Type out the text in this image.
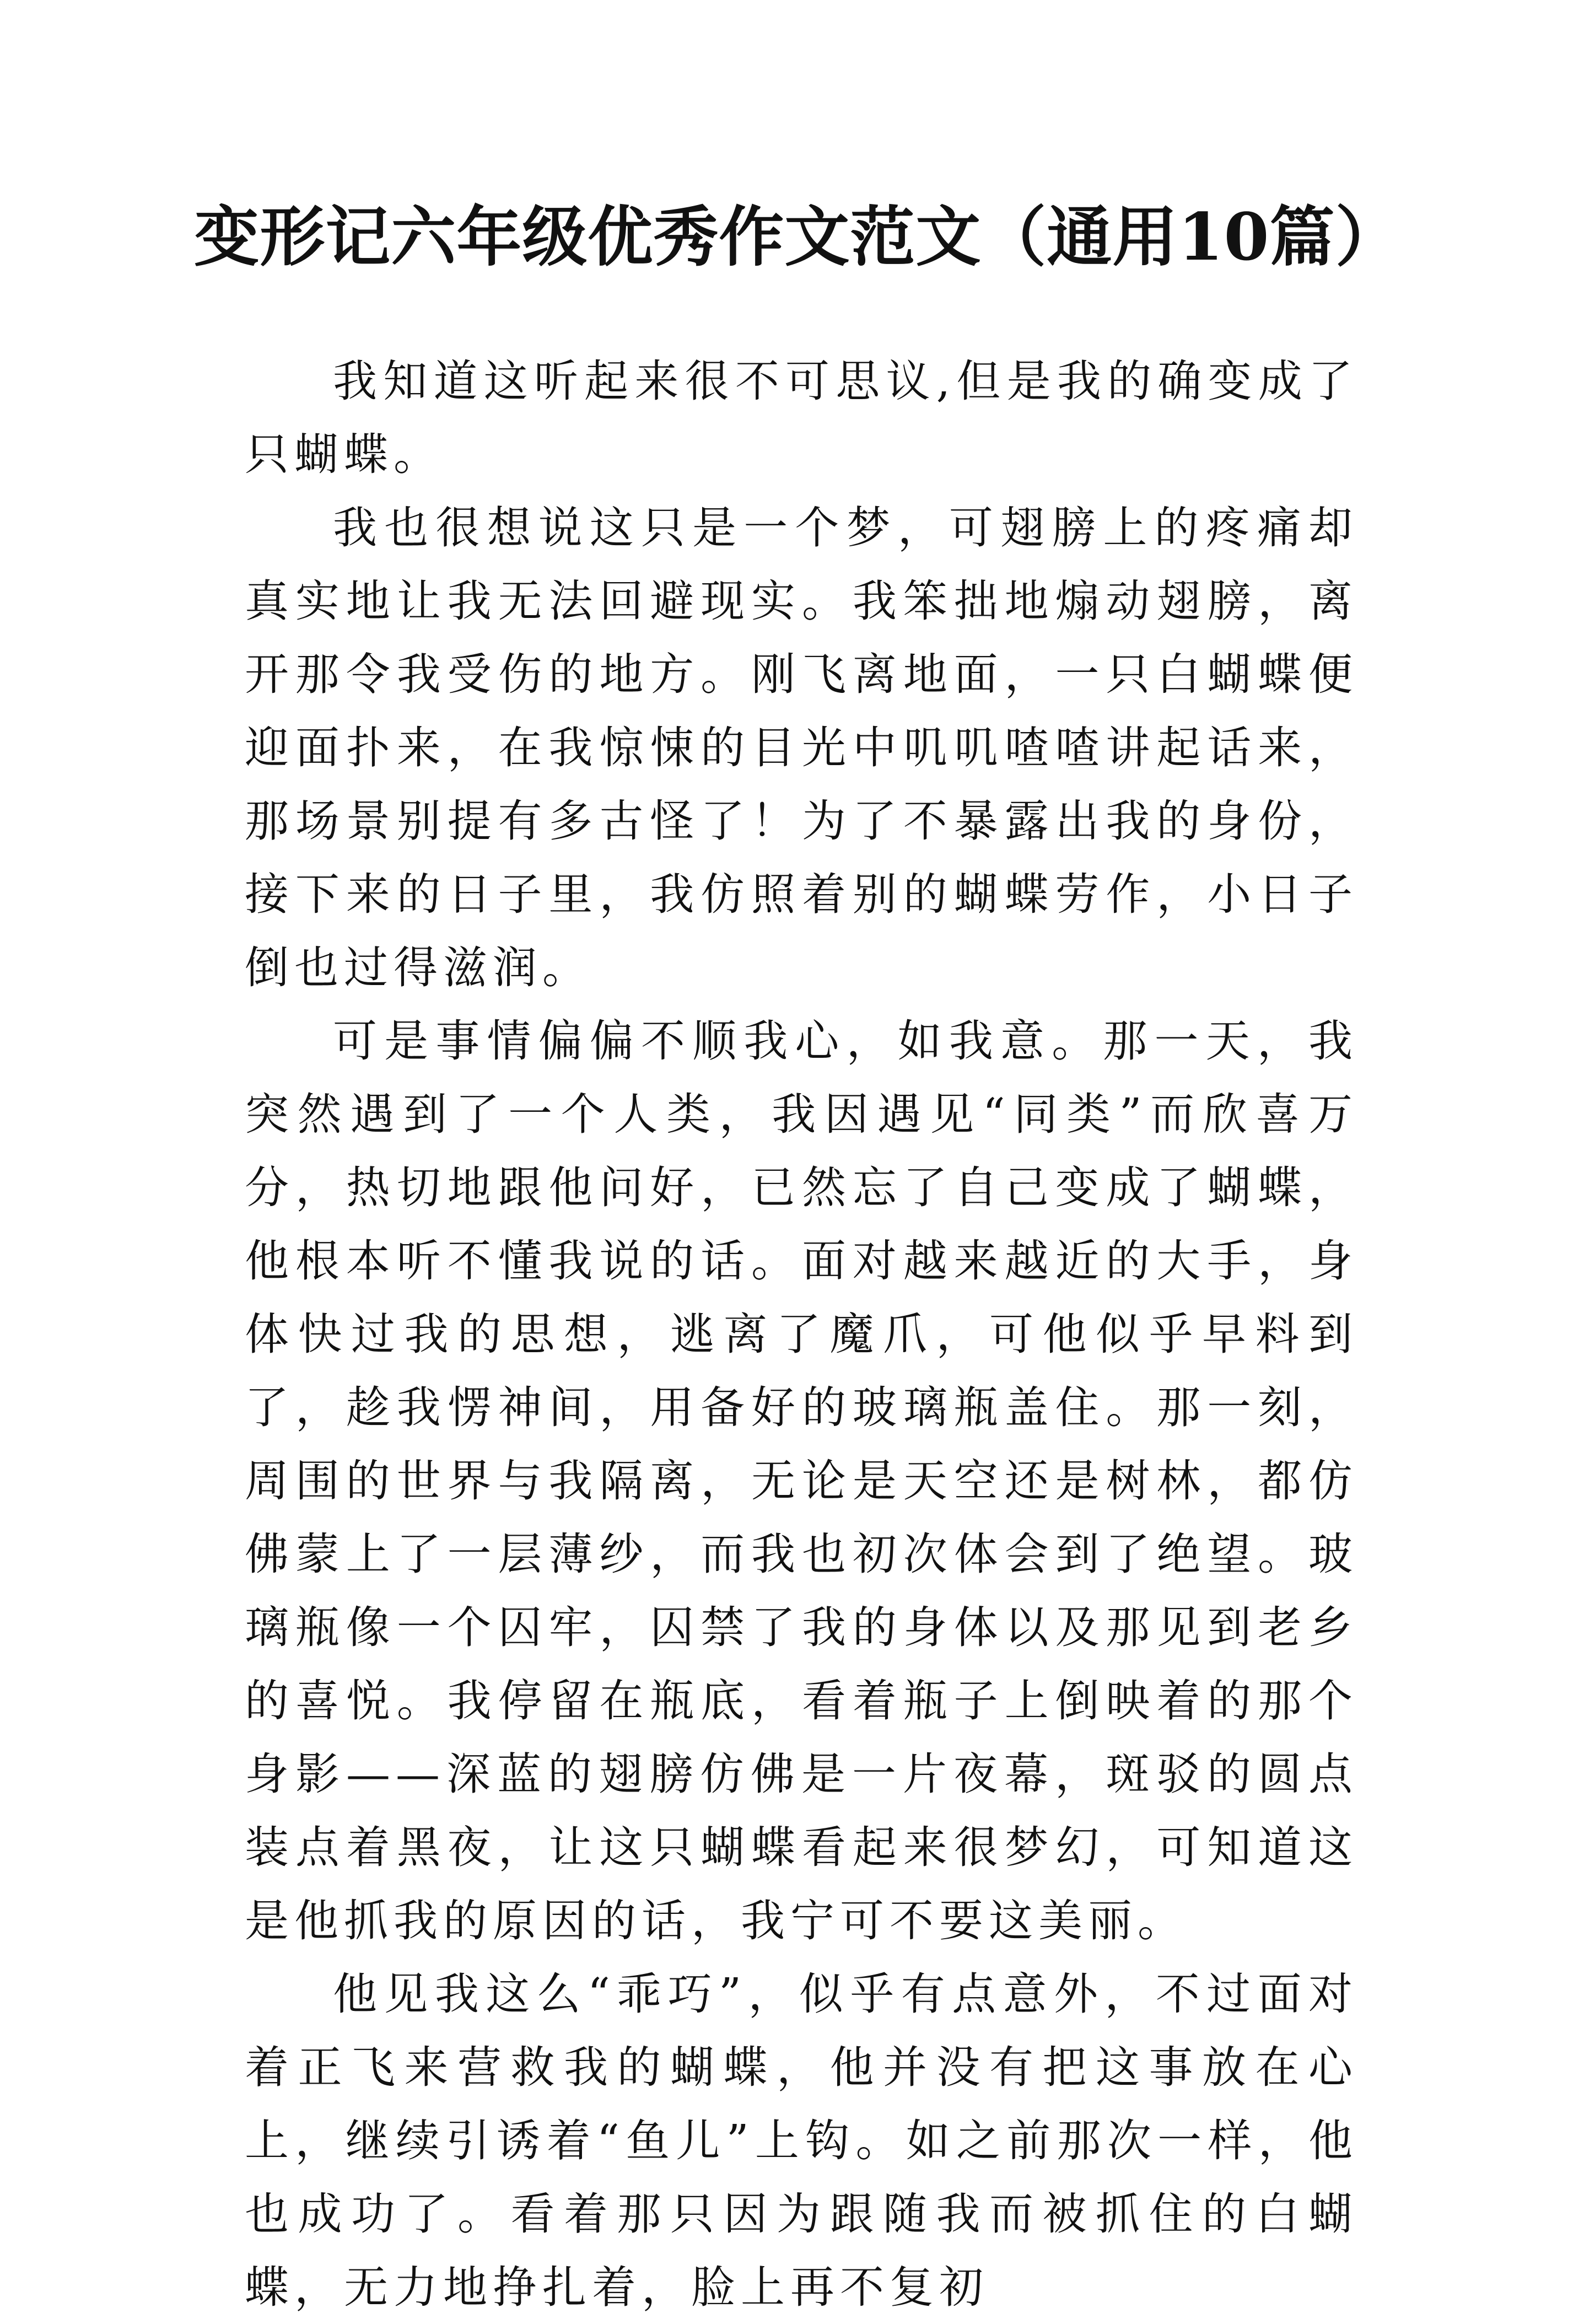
变形记六年级优秀作文范文（通用10篇）

我知道这听起来很不可思议,但是我的确变成了只蝴蝶。

我也很想说这只是一个梦，可翅膀上的疼痛却真实地让我无法回避现实。我笨拙地煽动翅膀，离开那令我受伤的地方。刚飞离地面，一只白蝴蝶便迎面扑来，在我惊悚的目光中叽叽喳喳讲起话来，那场景别提有多古怪了！为了不暴露出我的身份，接下来的日子里，我仿照着别的蝴蝶劳作，小日子倒也过得滋润。

可是事情偏偏不顺我心，如我意。那一天，我突然遇到了一个人类，我因遇见“同类”而欣喜万分，热切地跟他问好，已然忘了自己变成了蝴蝶，他根本听不懂我说的话。面对越来越近的大手，身体快过我的思想，逃离了魔爪，可他似乎早料到了，趁我愣神间，用备好的玻璃瓶盖住。那一刻，周围的世界与我隔离，无论是天空还是树林，都仿佛蒙上了一层薄纱，而我也初次体会到了绝望。玻璃瓶像一个囚牢，囚禁了我的身体以及那见到老乡的喜悦。我停留在瓶底，看着瓶子上倒映着的那个身影——深蓝的翅膀仿佛是一片夜幕，斑驳的圆点装点着黑夜，让这只蝴蝶看起来很梦幻，可知道这是他抓我的原因的话，我宁可不要这美丽。

他见我这么“乖巧”，似乎有点意外，不过面对着正飞来营救我的蝴蝶，他并没有把这事放在心上，继续引诱着“鱼儿”上钩。如之前那次一样，他也成功了。看着那只因为跟随我而被抓住的白蝴蝶，无力地挣扎着，脸上再不复初
